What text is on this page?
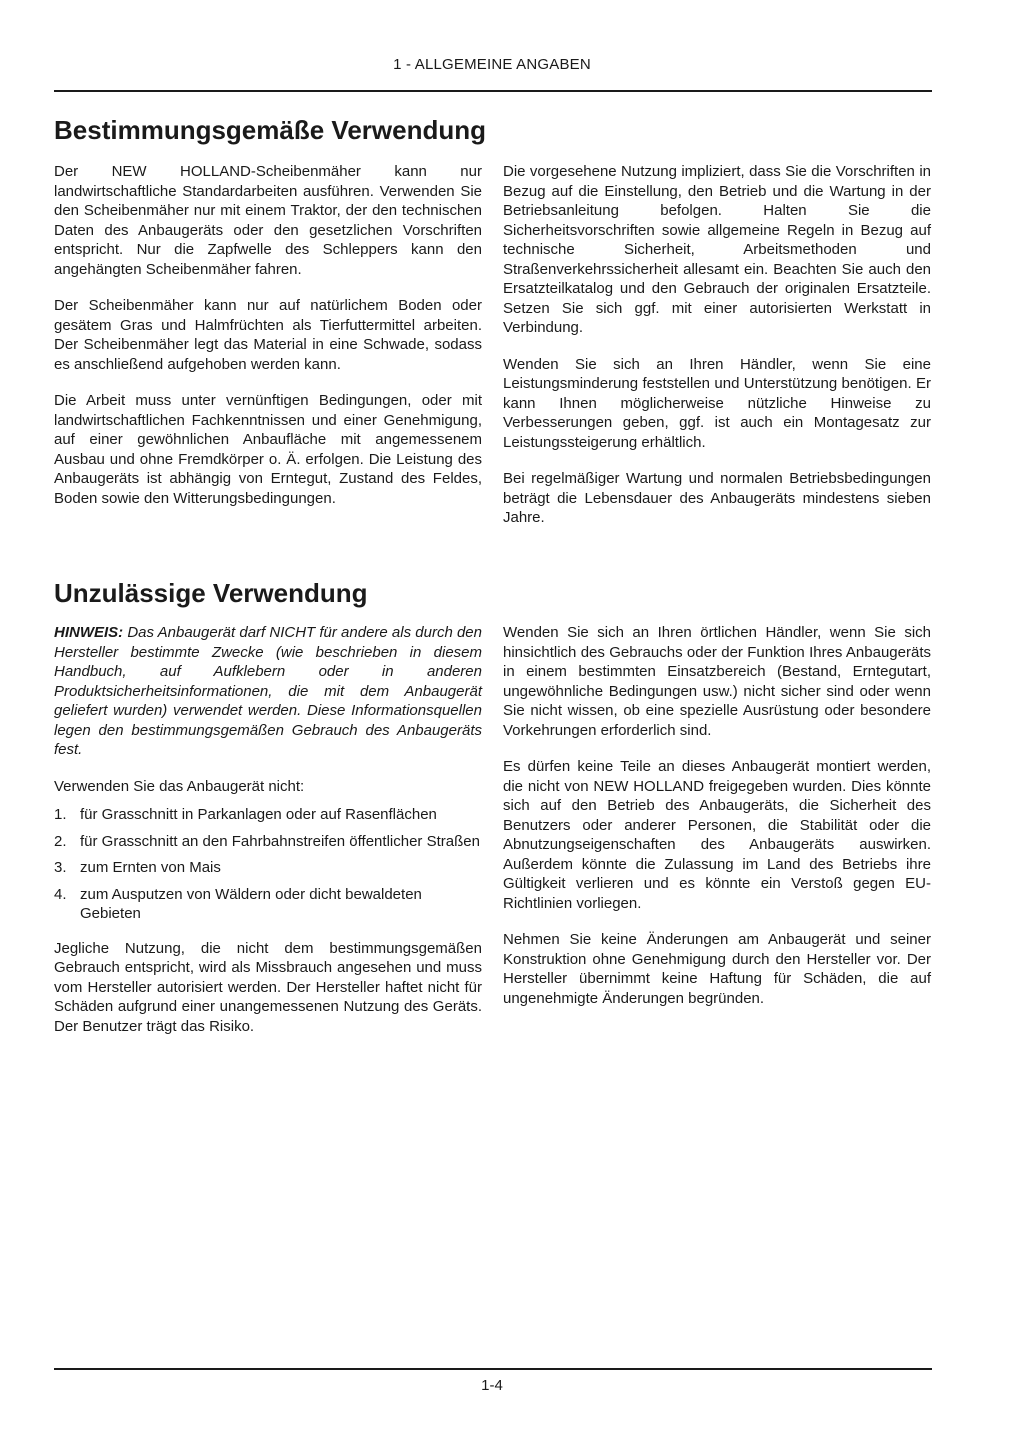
1 - ALLGEMEINE ANGABEN
Bestimmungsgemäße Verwendung

Der NEW HOLLAND-Scheibenmäher kann nur landwirtschaftliche Standardarbeiten ausführen. Verwenden Sie den Scheibenmäher nur mit einem Traktor, der den technischen Daten des Anbaugeräts oder den gesetzlichen Vorschriften entspricht. Nur die Zapfwelle des Schleppers kann den angehängten Scheibenmäher fahren.

Der Scheibenmäher kann nur auf natürlichem Boden oder gesätem Gras und Halmfrüchten als Tierfuttermittel arbeiten. Der Scheibenmäher legt das Material in eine Schwade, sodass es anschließend aufgehoben werden kann.

Die Arbeit muss unter vernünftigen Bedingungen, oder mit landwirtschaftlichen Fachkenntnissen und einer Genehmigung, auf einer gewöhnlichen Anbaufläche mit angemessenem Ausbau und ohne Fremdkörper o. Ä. erfolgen. Die Leistung des Anbaugeräts ist abhängig von Erntegut, Zustand des Feldes, Boden sowie den Witterungsbedingungen.

Die vorgesehene Nutzung impliziert, dass Sie die Vorschriften in Bezug auf die Einstellung, den Betrieb und die Wartung in der Betriebsanleitung befolgen. Halten Sie die Sicherheitsvorschriften sowie allgemeine Regeln in Bezug auf technische Sicherheit, Arbeitsmethoden und Straßenverkehrssicherheit allesamt ein. Beachten Sie auch den Ersatzteilkatalog und den Gebrauch der originalen Ersatzteile. Setzen Sie sich ggf. mit einer autorisierten Werkstatt in Verbindung.

Wenden Sie sich an Ihren Händler, wenn Sie eine Leistungsminderung feststellen und Unterstützung benötigen. Er kann Ihnen möglicherweise nützliche Hinweise zu Verbesserungen geben, ggf. ist auch ein Montagesatz zur Leistungssteigerung erhältlich.

Bei regelmäßiger Wartung und normalen Betriebsbedingungen beträgt die Lebensdauer des Anbaugeräts mindestens sieben Jahre.

Unzulässige Verwendung

HINWEIS: Das Anbaugerät darf NICHT für andere als durch den Hersteller bestimmte Zwecke (wie beschrieben in diesem Handbuch, auf Aufklebern oder in anderen Produktsicherheitsinformationen, die mit dem Anbaugerät geliefert wurden) verwendet werden. Diese Informationsquellen legen den bestimmungsgemäßen Gebrauch des Anbaugeräts fest.

Verwenden Sie das Anbaugerät nicht:

1. für Grasschnitt in Parkanlagen oder auf Rasenflächen
2. für Grasschnitt an den Fahrbahnstreifen öffentlicher Straßen
3. zum Ernten von Mais
4. zum Ausputzen von Wäldern oder dicht bewaldeten Gebieten

Jegliche Nutzung, die nicht dem bestimmungsgemäßen Gebrauch entspricht, wird als Missbrauch angesehen und muss vom Hersteller autorisiert werden. Der Hersteller haftet nicht für Schäden aufgrund einer unangemessenen Nutzung des Geräts. Der Benutzer trägt das Risiko.

Wenden Sie sich an Ihren örtlichen Händler, wenn Sie sich hinsichtlich des Gebrauchs oder der Funktion Ihres Anbaugeräts in einem bestimmten Einsatzbereich (Bestand, Erntegutart, ungewöhnliche Bedingungen usw.) nicht sicher sind oder wenn Sie nicht wissen, ob eine spezielle Ausrüstung oder besondere Vorkehrungen erforderlich sind.

Es dürfen keine Teile an dieses Anbaugerät montiert werden, die nicht von NEW HOLLAND freigegeben wurden. Dies könnte sich auf den Betrieb des Anbaugeräts, die Sicherheit des Benutzers oder anderer Personen, die Stabilität oder die Abnutzungseigenschaften des Anbaugeräts auswirken. Außerdem könnte die Zulassung im Land des Betriebs ihre Gültigkeit verlieren und es könnte ein Verstoß gegen EU-Richtlinien vorliegen.

Nehmen Sie keine Änderungen am Anbaugerät und seiner Konstruktion ohne Genehmigung durch den Hersteller vor. Der Hersteller übernimmt keine Haftung für Schäden, die auf ungenehmigte Änderungen begründen.

1-4
